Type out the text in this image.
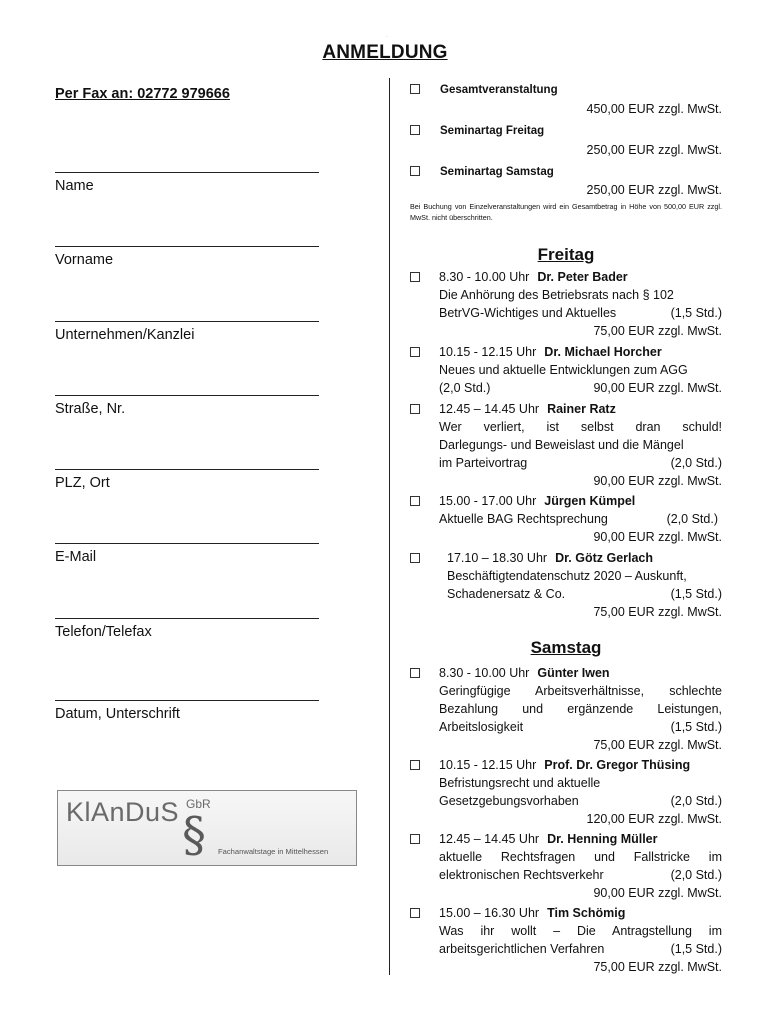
·
ANMELDUNG
Per Fax an: 02772 979666
Name
Vorname
Unternehmen/Kanzlei
Straße, Nr.
PLZ, Ort
E-Mail
Telefon/Telefax
Datum, Unterschrift
KlAnDuS GbR
§ Fachanwaltstage in Mittelhessen
Gesamtveranstaltung
450,00 EUR zzgl. MwSt.
Seminartag Freitag
250,00 EUR zzgl. MwSt.
Seminartag Samstag
250,00 EUR zzgl. MwSt.
Bei Buchung von Einzelveranstaltungen wird ein Gesamtbetrag in Höhe von 500,00 EUR zzgl. MwSt. nicht überschritten.
Freitag
8.30 - 10.00 Uhr Dr. Peter Bader
Die Anhörung des Betriebsrats nach § 102
BetrVG-Wichtiges und Aktuelles	(1,5 Std.)
75,00 EUR zzgl. MwSt.
10.15 - 12.15 Uhr Dr. Michael Horcher
Neues und aktuelle Entwicklungen zum AGG
(2,0 Std.)	90,00 EUR zzgl. MwSt.
12.45 – 14.45 Uhr Rainer Ratz
Wer verliert, ist selbst dran schuld!
Darlegungs- und Beweislast und die Mängel
im Parteivortrag	(2,0 Std.)
90,00 EUR zzgl. MwSt.
15.00 - 17.00 Uhr Jürgen Kümpel
Aktuelle BAG Rechtsprechung	(2,0 Std.)
90,00 EUR zzgl. MwSt.
17.10 – 18.30 Uhr Dr. Götz Gerlach
Beschäftigtendatenschutz 2020 – Auskunft,
Schadenersatz & Co.	(1,5 Std.)
75,00 EUR zzgl. MwSt.
Samstag
8.30 - 10.00 Uhr Günter Iwen
Geringfügige Arbeitsverhältnisse, schlechte
Bezahlung und ergänzende Leistungen,
Arbeitslosigkeit	(1,5 Std.)
75,00 EUR zzgl. MwSt.
10.15 - 12.15 Uhr Prof. Dr. Gregor Thüsing
Befristungsrecht und aktuelle
Gesetzgebungsvorhaben	(2,0 Std.)
120,00 EUR zzgl. MwSt.
12.45 – 14.45 Uhr Dr. Henning Müller
aktuelle Rechtsfragen und Fallstricke im
elektronischen Rechtsverkehr	(2,0 Std.)
90,00 EUR zzgl. MwSt.
15.00 – 16.30 Uhr Tim Schömig
Was ihr wollt – Die Antragstellung im
arbeitsgerichtlichen Verfahren	(1,5 Std.)
75,00 EUR zzgl. MwSt.
